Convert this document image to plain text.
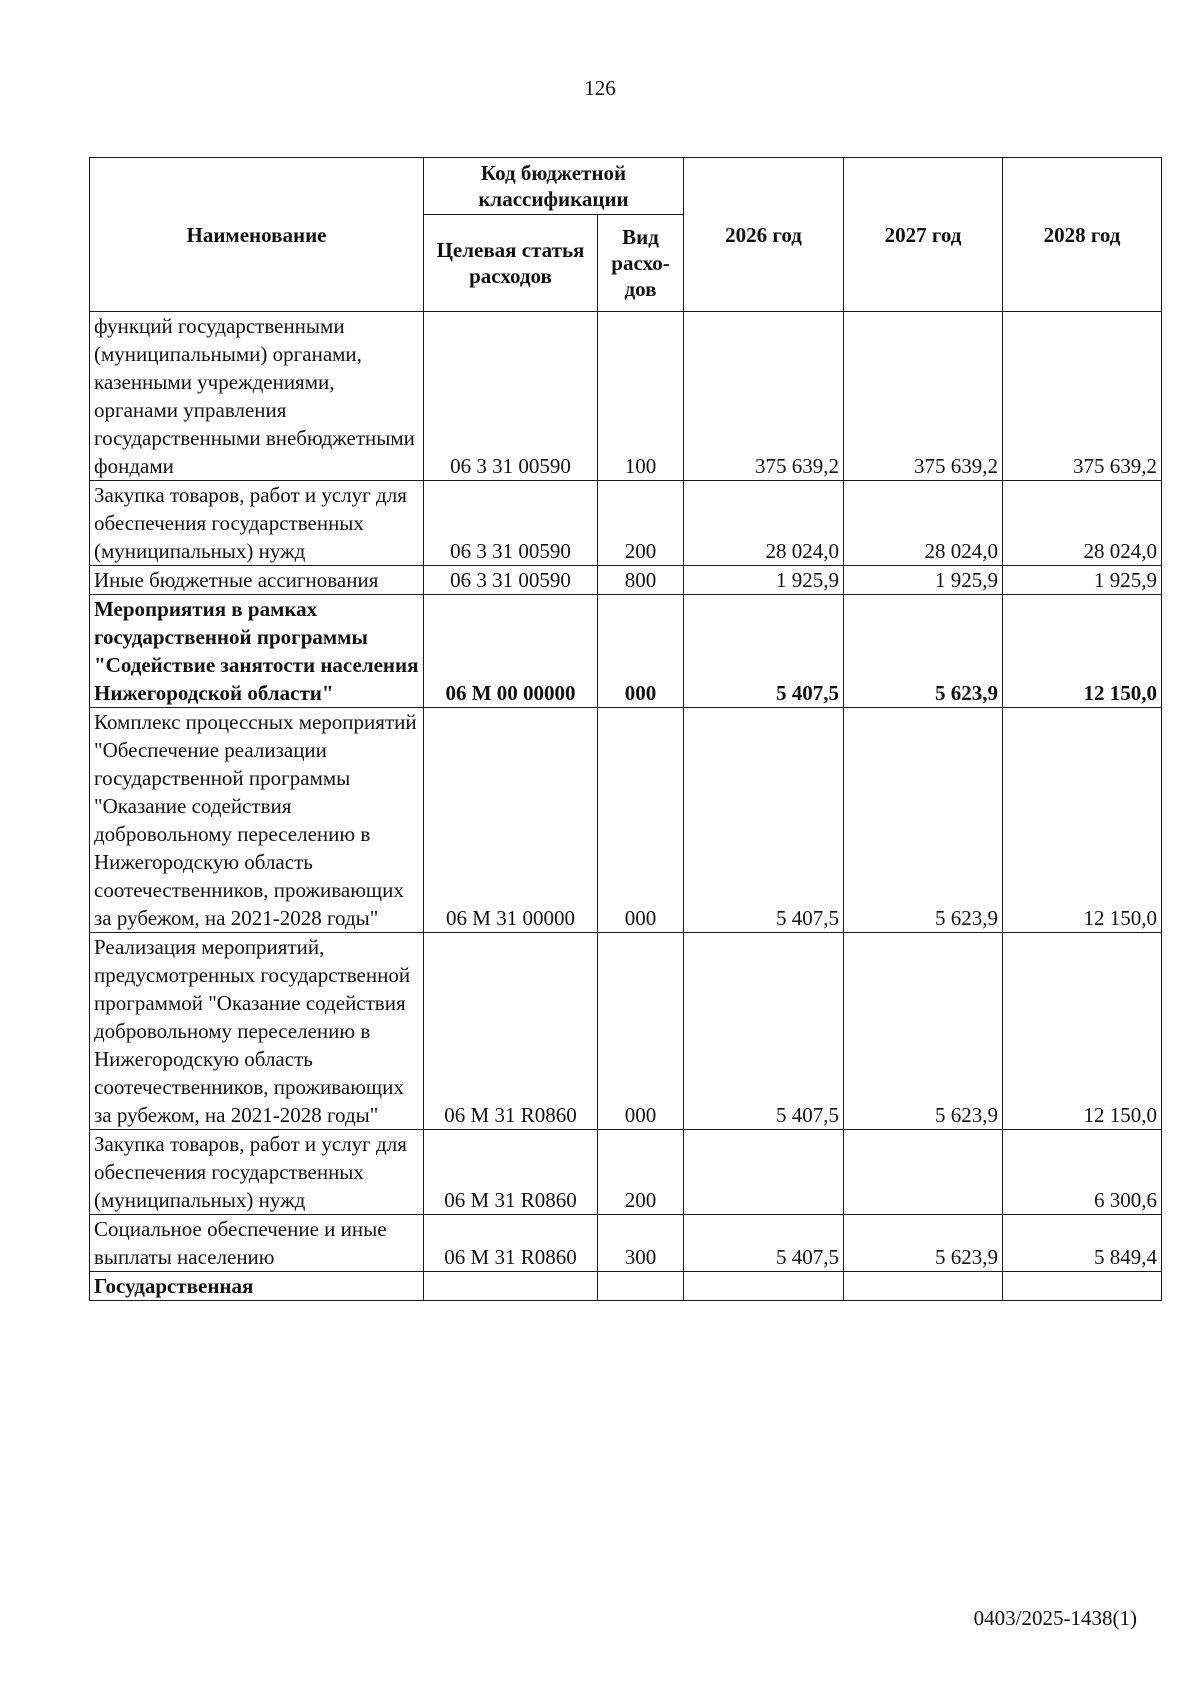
126
Наименование	Код бюджетной классификации		2026 год	2027 год	2028 год
	Целевая статья расходов	Вид расхо-дов			
функций государственными (муниципальными) органами, казенными учреждениями, органами управления государственными внебюджетными фондами	06 3 31 00590	100	375 639,2	375 639,2	375 639,2
Закупка товаров, работ и услуг для обеспечения государственных (муниципальных) нужд	06 3 31 00590	200	28 024,0	28 024,0	28 024,0
Иные бюджетные ассигнования	06 3 31 00590	800	1 925,9	1 925,9	1 925,9
Мероприятия в рамках государственной программы "Содействие занятости населения Нижегородской области"	06 М 00 00000	000	5 407,5	5 623,9	12 150,0
Комплекс процессных мероприятий "Обеспечение реализации государственной программы "Оказание содействия добровольному переселению в Нижегородскую область соотечественников, проживающих за рубежом, на 2021-2028 годы"	06 М 31 00000	000	5 407,5	5 623,9	12 150,0
Реализация мероприятий, предусмотренных государственной программой "Оказание содействия добровольному переселению в Нижегородскую область соотечественников, проживающих за рубежом, на 2021-2028 годы"	06 М 31 R0860	000	5 407,5	5 623,9	12 150,0
Закупка товаров, работ и услуг для обеспечения государственных (муниципальных) нужд	06 М 31 R0860	200			6 300,6
Социальное обеспечение и иные выплаты населению	06 М 31 R0860	300	5 407,5	5 623,9	5 849,4
Государственная					
0403/2025-1438(1)
